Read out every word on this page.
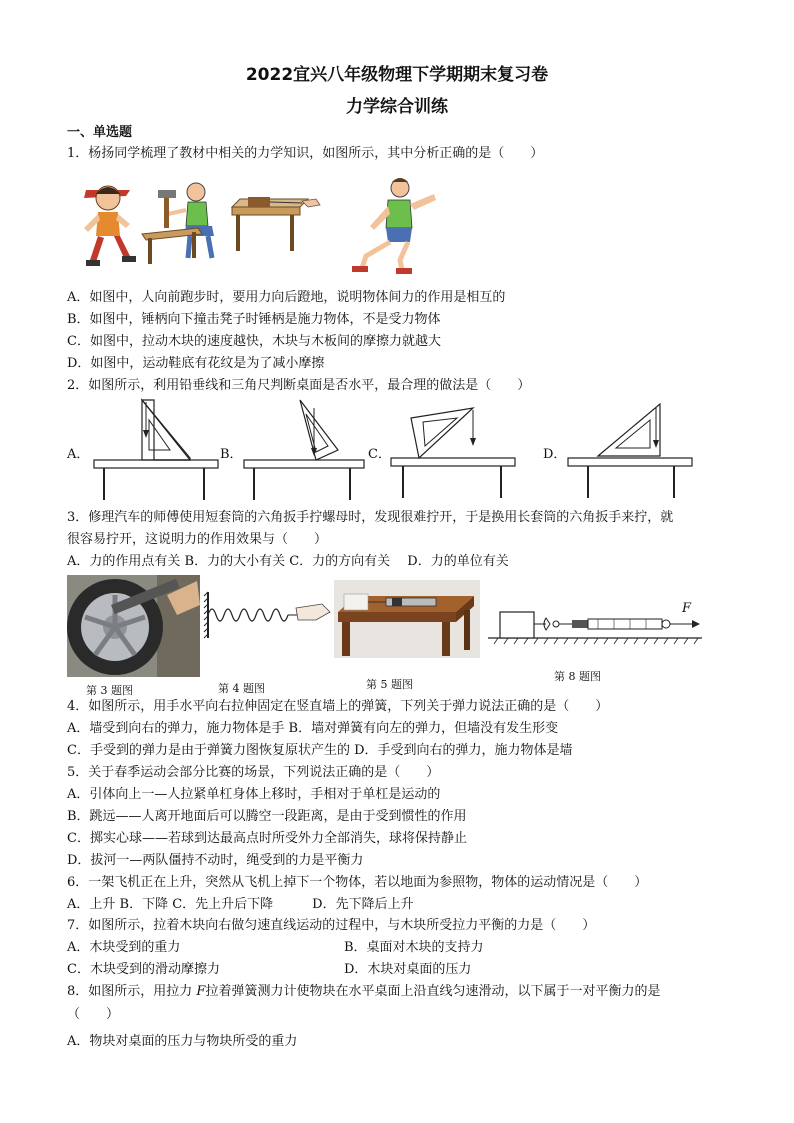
2022宜兴八年级物理下学期期末复习卷
力学综合训练
一、单选题
1．杨扬同学梳理了教材中相关的力学知识，如图所示，其中分析正确的是（　　）
A．如图中，人向前跑步时，要用力向后蹬地，说明物体间力的作用是相互的
B．如图中，锤柄向下撞击凳子时锤柄是施力物体，不是受力物体
C．如图中，拉动木块的速度越快，木块与木板间的摩擦力就越大
D．如图中，运动鞋底有花纹是为了减小摩擦
2．如图所示，利用铅垂线和三角尺判断桌面是否水平，最合理的做法是（　　）
A．	B．	C．	D．
3．修理汽车的师傅使用短套筒的六角扳手拧螺母时，发现很难拧开，于是换用长套筒的六角扳手来拧，就
很容易拧开，这说明力的作用效果与（　　）
A．力的作用点有关 B．力的大小有关 C．力的方向有关　 D．力的单位有关
第 3 题图	第 4 题图	第 5 题图
F
第 8 题图
4．如图所示，用手水平向右拉伸固定在竖直墙上的弹簧，下列关于弹力说法正确的是（　　）
A．墙受到向右的弹力，施力物体是手 B．墙对弹簧有向左的弹力，但墙没有发生形变
C．手受到的弹力是由于弹簧力图恢复原状产生的 D．手受到向右的弹力，施力物体是墙
5．关于春季运动会部分比赛的场景，下列说法正确的是（　　）
A．引体向上一—人拉紧单杠身体上移时，手相对于单杠是运动的
B．跳远——人离开地面后可以腾空一段距离，是由于受到惯性的作用
C．掷实心球——若球到达最高点时所受外力全部消失，球将保持静止
D．拔河一—两队僵持不动时，绳受到的力是平衡力
6．一架飞机正在上升，突然从飞机上掉下一个物体，若以地面为参照物，物体的运动情况是（　　）
A．上升 B．下降 C．先上升后下降　　　D．先下降后上升
7．如图所示，拉着木块向右做匀速直线运动的过程中，与木块所受拉力平衡的力是（　　）
A．木块受到的重力	B．桌面对木块的支持力
C．木块受到的滑动摩擦力	D．木块对桌面的压力
8．如图所示，用拉力 F拉着弹簧测力计使物块在水平桌面上沿直线匀速滑动，以下属于一对平衡力的是
（　　）
A．物块对桌面的压力与物块所受的重力
